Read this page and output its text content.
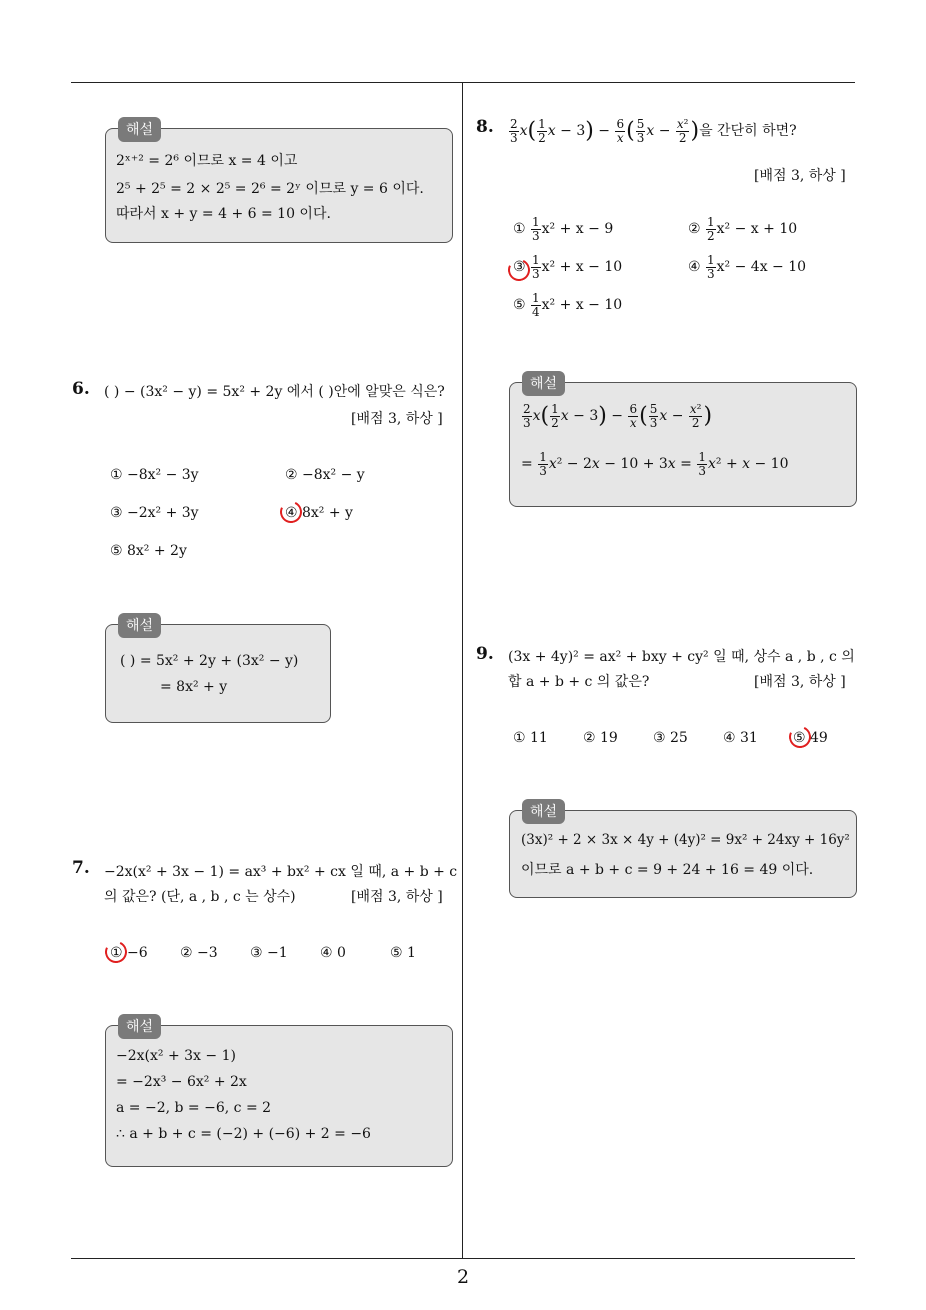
2
해설
2ˣ⁺² = 2⁶ 이므로 x = 4 이고
2⁵ + 2⁵ = 2 × 2⁵ = 2⁶ = 2ʸ 이므로 y = 6 이다.
따라서 x + y = 4 + 6 = 10 이다.
6. ( ) − (3x² − y) = 5x² + 2y 에서 ( )안에 알맞은 식은?
[배점 3, 하상 ]
① −8x² − 3y	② −8x² − y
③ −2x² + 3y	④ 8x² + y
⑤ 8x² + 2y
해설
( ) = 5x² + 2y + (3x² − y)
= 8x² + y
7. −2x(x² + 3x − 1) = ax³ + bx² + cx 일 때, a + b + c
의 값은? (단, a , b , c 는 상수)	[배점 3, 하상 ]
① −6 ② −3 ③ −1 ④ 0	⑤ 1
해설
−2x(x² + 3x − 1)
= −2x³ − 6x² + 2x
a = −2, b = −6, c = 2
∴ a + b + c = (−2) + (−6) + 2 = −6
8. $\frac{2}{3} x( \frac{1}{2}$ $x - 3) - \frac{6}{x}$ ( $\frac{5}{3}$ $x - \frac{\text{x²}}{2}$ )을 간단히 하면?
[배점 3, 하상 ]
① $\frac{1}{3} x^2 + x - 9$	② $\frac{1}{2} x^2 - x + 10$
③ $\frac{1}{3} x^2 + x - 10$	④ $\frac{1}{3} x^2 - 4x - 10$
⑤ $\frac{1}{4} x^2 + x - 10$
해설
$\frac{2}{3} x( \frac{1}{2}$ $x - 3) - \frac{6}{x}$ ( $\frac{5}{3}$ $x - \frac{\text{x²}}{2}$ )
= $\frac{1}{3} x^2 - 2x - 10 + 3x = \frac{1}{3} x^2 + x - 10$
9. (3x + 4y)² = ax² + bxy + cy² 일 때, 상수 a , b , c 의
합 a + b + c 의 값은?	[배점 3, 하상 ]
① 11	② 19	③ 25	④ 31	⑤ 49
해설
(3x)² + 2 × 3x × 4y + (4y)² = 9x² + 24xy + 16y²
이므로 a + b + c = 9 + 24 + 16 = 49 이다.
